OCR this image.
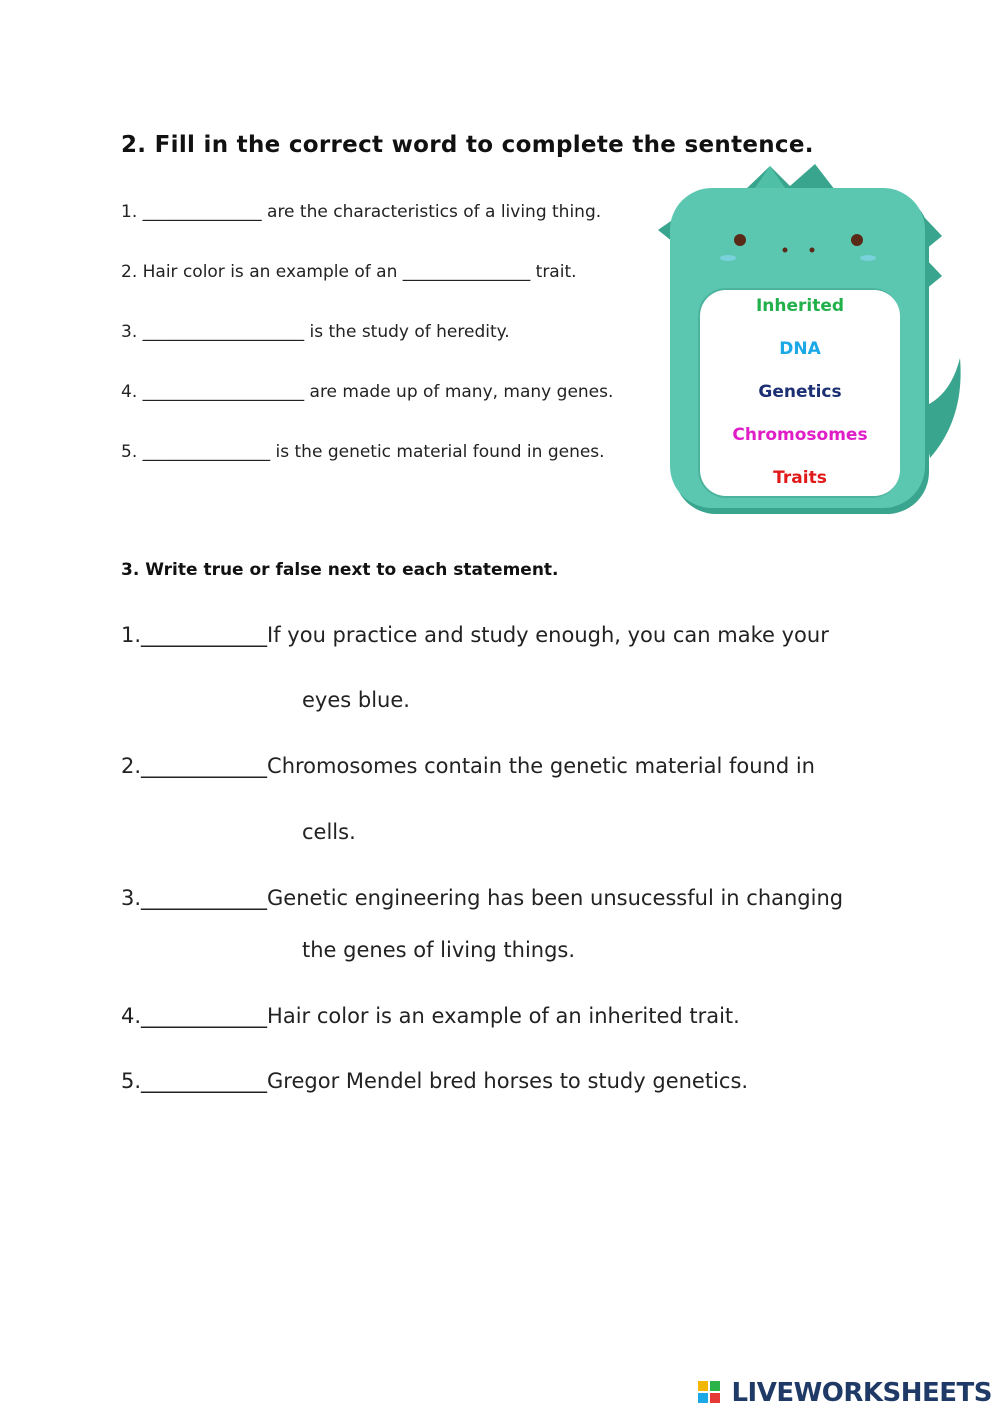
2. Fill in the correct word to complete the sentence.
1. ______________ are the characteristics of a living thing.
2. Hair color is an example of an _______________ trait.
3. ___________________ is the study of heredity.
4. ___________________ are made up of many, many genes.
5. _______________ is the genetic material found in genes.
Inherited
DNA
Genetics
Chromosomes
Traits
3. Write true or false next to each statement.
1.____________If you practice and study enough, you can make your
eyes blue.
2.____________Chromosomes contain the genetic material found in
cells.
3.____________Genetic engineering has been unsucessful in changing
the genes of living things.
4.____________Hair color is an example of an inherited trait.
5.____________Gregor Mendel bred horses to study genetics.
LIVEWORKSHEETS
